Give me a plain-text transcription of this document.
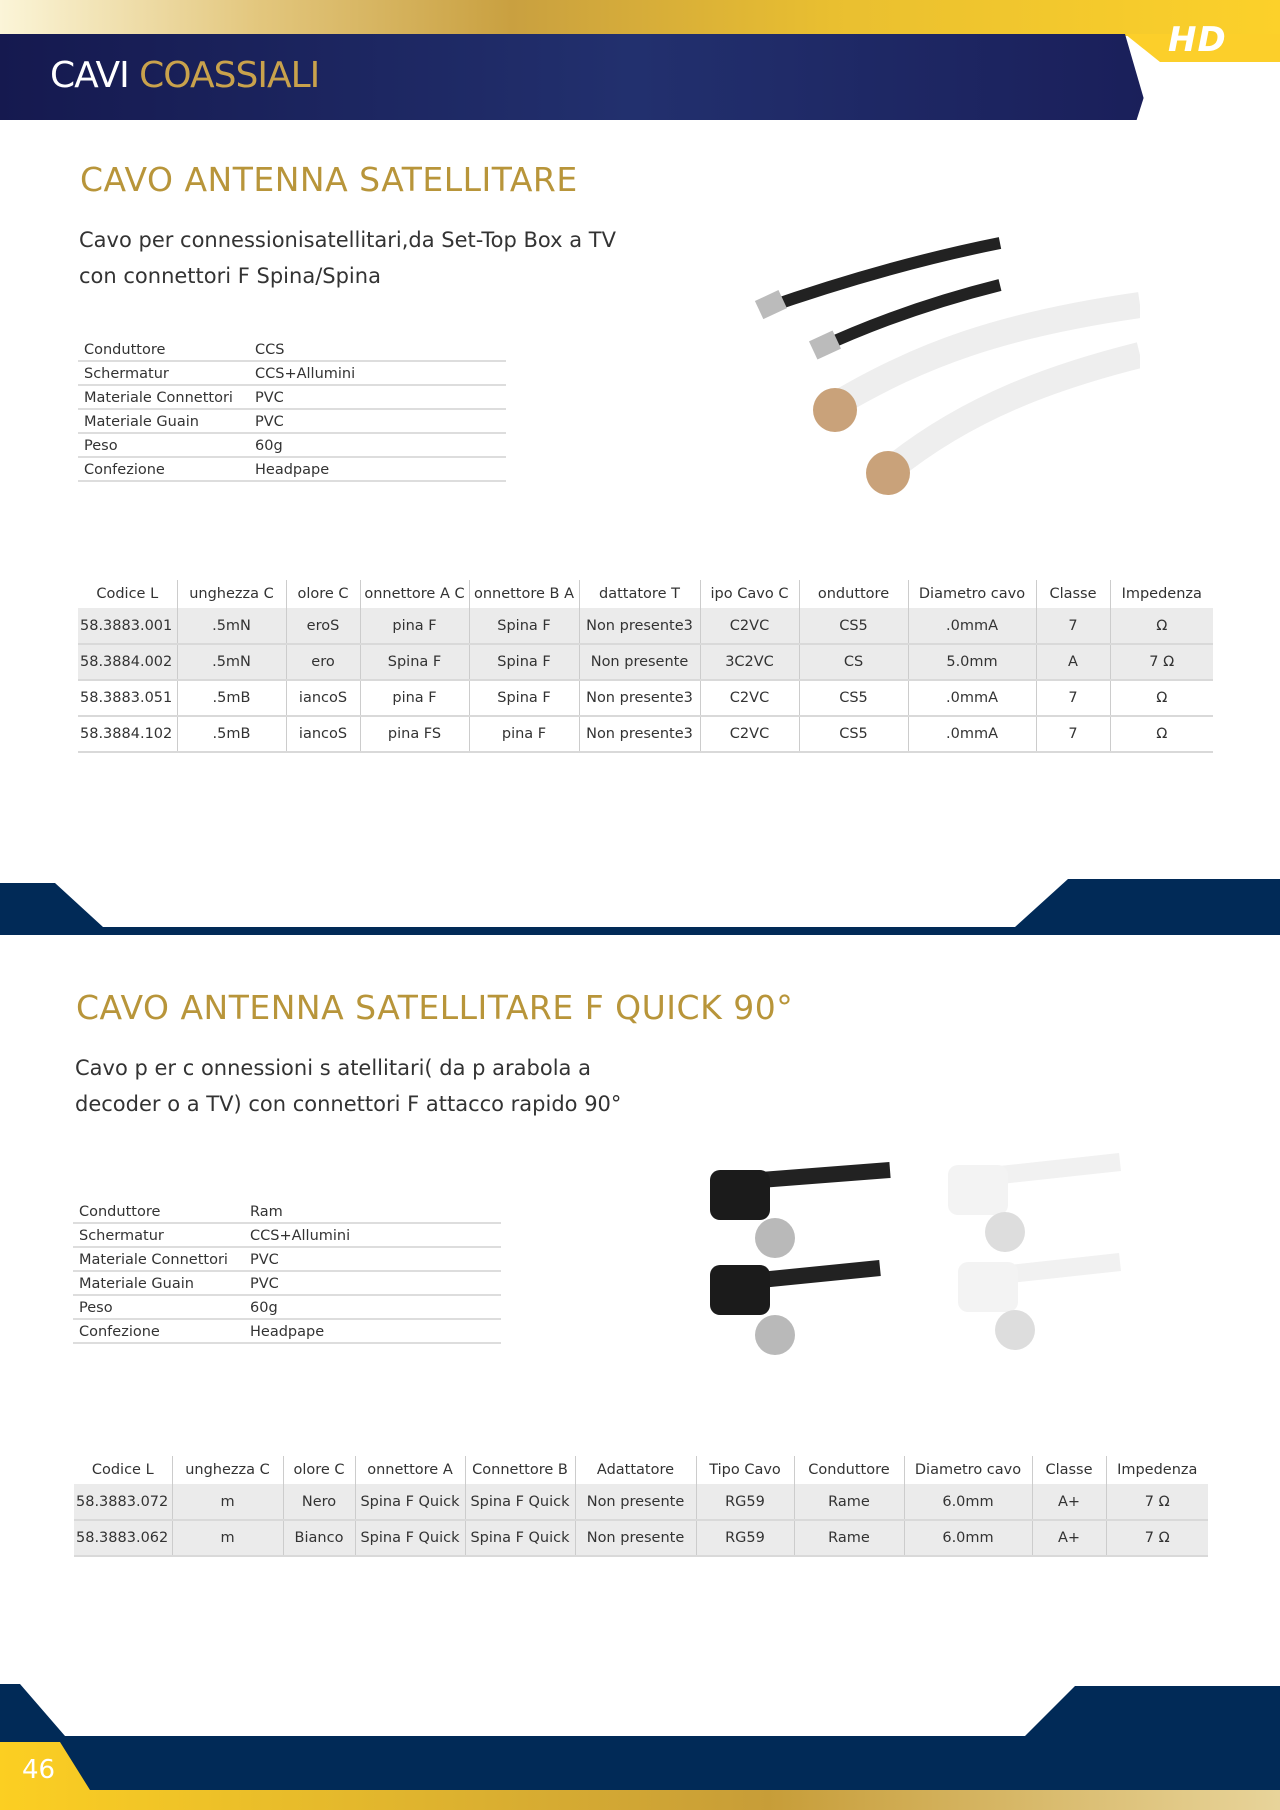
HD
CAVI COASSIALI
CAVO ANTENNA SATELLITARE
Cavo per connessionisatellitari,da Set-Top Box a TV
con connettori F Spina/Spina
Conduttore	CCS
Schermatur	CCS+Allumini
Materiale Connettori	PVC
Materiale Guain	PVC
Peso	60g
Confezione	Headpape
Codice L	unghezza C	olore C	onnettore A C	onnettore B A	dattatore T	ipo Cavo C	onduttore	Diametro cavo	Classe	Impedenza
58.3883.001	.5mN	eroS	pina F	Spina F	Non presente3	C2VC	CS5	.0mmA	7	Ω
58.3884.002	.5mN	ero	Spina F	Spina F	Non presente	3C2VC	CS	5.0mm	A	7 Ω
58.3883.051	.5mB	iancoS	pina F	Spina F	Non presente3	C2VC	CS5	.0mmA	7	Ω
58.3884.102	.5mB	iancoS	pina FS	pina F	Non presente3	C2VC	CS5	.0mmA	7	Ω
CAVO ANTENNA SATELLITARE F QUICK 90°
Cavo p er c onnessioni s atellitari( da p arabola a
decoder o a TV) con connettori F attacco rapido 90°
Conduttore	Ram
Schermatur	CCS+Allumini
Materiale Connettori	PVC
Materiale Guain	PVC
Peso	60g
Confezione	Headpape
Codice L	unghezza C	olore C	onnettore A	Connettore B	Adattatore	Tipo Cavo	Conduttore	Diametro cavo	Classe	Impedenza
58.3883.072	m	Nero	Spina F Quick	Spina F Quick	Non presente	RG59	Rame	6.0mm	A+	7 Ω
58.3883.062	m	Bianco	Spina F Quick	Spina F Quick	Non presente	RG59	Rame	6.0mm	A+	7 Ω
46
